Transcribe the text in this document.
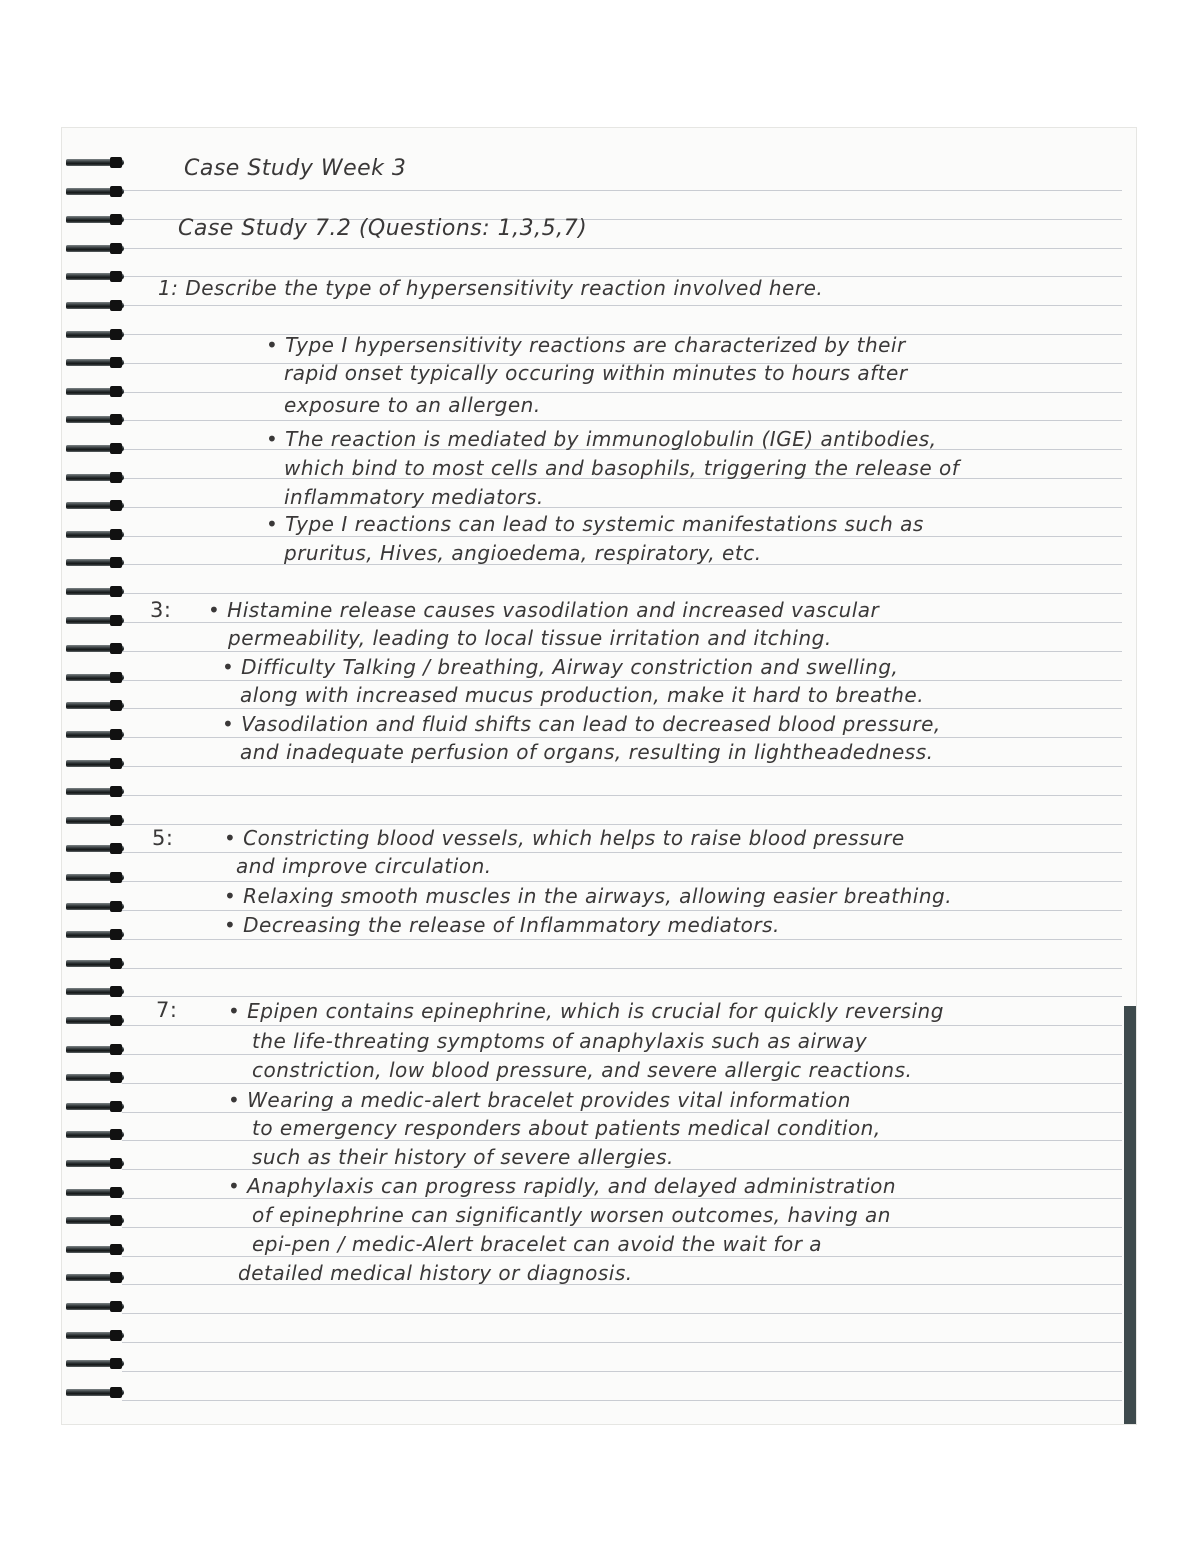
Case Study Week 3
Case Study 7.2 (Questions: 1,3,5,7)
1: Describe the type of hypersensitivity reaction involved here.
• Type I hypersensitivity reactions are characterized by their
rapid onset typically occuring within minutes to hours after
exposure to an allergen.
• The reaction is mediated by immunoglobulin (IGE) antibodies,
which bind to most cells and basophils, triggering the release of
inflammatory mediators.
• Type I reactions can lead to systemic manifestations such as
pruritus, Hives, angioedema, respiratory, etc.
3: • Histamine release causes vasodilation and increased vascular
permeability, leading to local tissue irritation and itching.
• Difficulty Talking / breathing, Airway constriction and swelling,
along with increased mucus production, make it hard to breathe.
• Vasodilation and fluid shifts can lead to decreased blood pressure,
and inadequate perfusion of organs, resulting in lightheadedness.
5:	• Constricting blood vessels, which helps to raise blood pressure
and improve circulation.
• Relaxing smooth muscles in the airways, allowing easier breathing.
• Decreasing the release of Inflammatory mediators.
7:	• Epipen contains epinephrine, which is crucial for quickly reversing
the life-threating symptoms of anaphylaxis such as airway
constriction, low blood pressure, and severe allergic reactions.
• Wearing a medic-alert bracelet provides vital information
to emergency responders about patients medical condition,
such as their history of severe allergies.
• Anaphylaxis can progress rapidly, and delayed administration
of epinephrine can significantly worsen outcomes, having an
epi-pen / medic-Alert bracelet can avoid the wait for a
detailed medical history or diagnosis.
